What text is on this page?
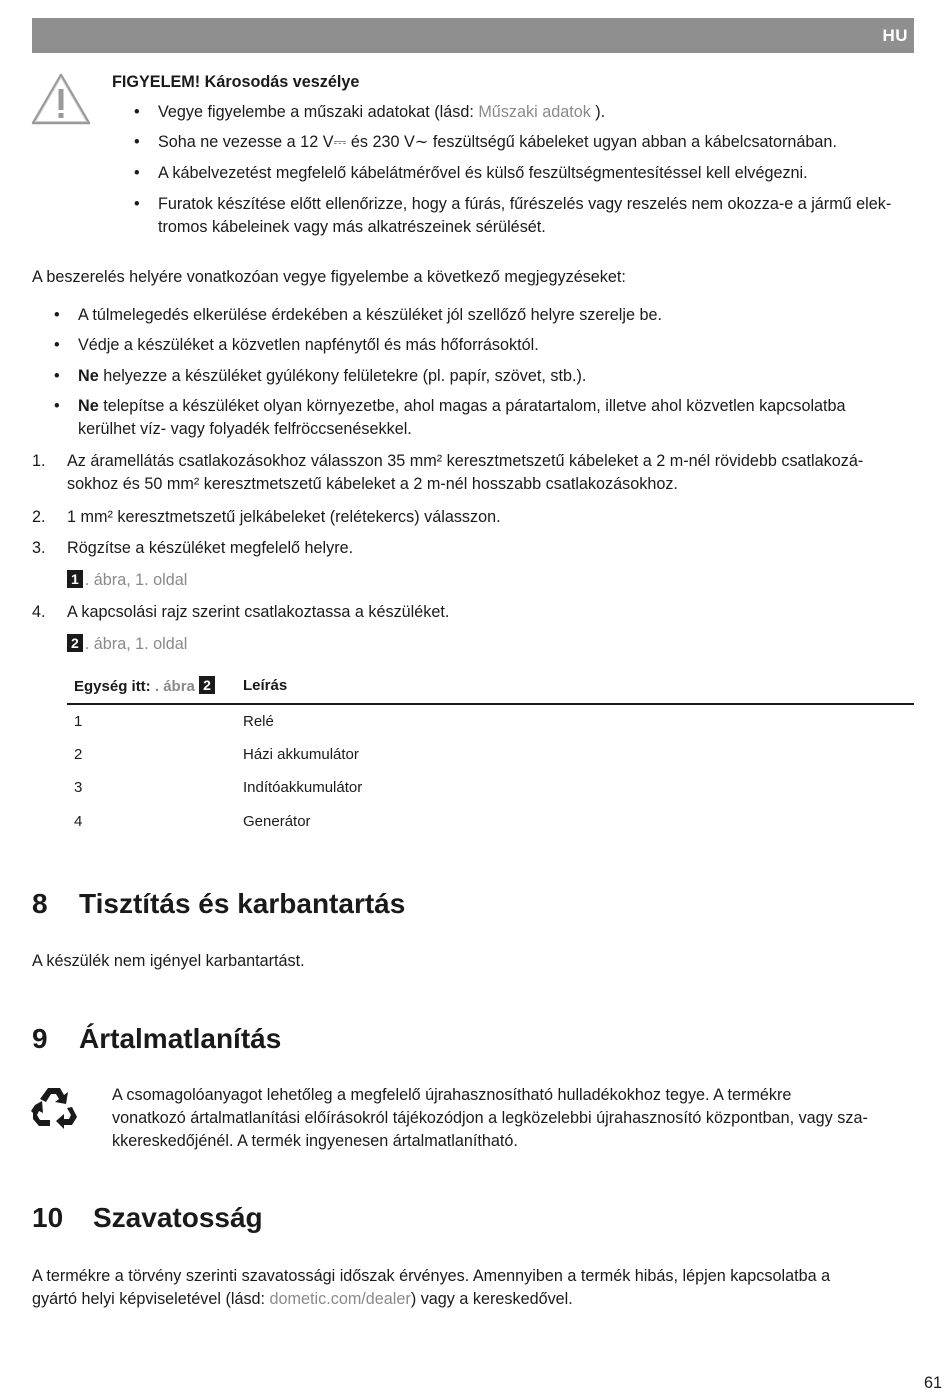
HU
FIGYELEM! Károsodás veszélye
• Vegye figyelembe a műszaki adatokat (lásd: Műszaki adatok ).
• Soha ne vezesse a 12 V⎓ és 230 V∼ feszültségű kábeleket ugyan abban a kábelcsatornában.
• A kábelvezetést megfelelő kábelátmérővel és külső feszültségmentesítéssel kell elvégezni.
• Furatok készítése előtt ellenőrizze, hogy a fúrás, fűrészelés vagy reszelés nem okozza-e a jármű elek-
tromos kábeleinek vagy más alkatrészeinek sérülését.
A beszerelés helyére vonatkozóan vegye figyelembe a következő megjegyzéseket:
• A túlmelegedés elkerülése érdekében a készüléket jól szellőző helyre szerelje be.
• Védje a készüléket a közvetlen napfénytől és más hőforrásoktól.
• Ne helyezze a készüléket gyúlékony felületekre (pl. papír, szövet, stb.).
• Ne telepítse a készüléket olyan környezetbe, ahol magas a páratartalom, illetve ahol közvetlen kapcsolatba
kerülhet víz- vagy folyadék felfröccsenésekkel.
1. Az áramellátás csatlakozásokhoz válasszon 35 mm² keresztmetszetű kábeleket a 2 m-nél rövidebb csatlakozá-
sokhoz és 50 mm² keresztmetszetű kábeleket a 2 m-nél hosszabb csatlakozásokhoz.
2. 1 mm² keresztmetszetű jelkábeleket (relétekercs) válasszon.
3. Rögzítse a készüléket megfelelő helyre.
1 . ábra, 1. oldal
4. A kapcsolási rajz szerint csatlakoztassa a készüléket.
2 . ábra, 1. oldal
Egység itt: . ábra 2	Leírás
1	Relé
2	Házi akkumulátor
3	Indítóakkumulátor
4	Generátor
8 Tisztítás és karbantartás
A készülék nem igényel karbantartást.
9 Ártalmatlanítás
A csomagolóanyagot lehetőleg a megfelelő újrahasznosítható hulladékokhoz tegye. A termékre
vonatkozó ártalmatlanítási előírásokról tájékozódjon a legközelebbi újrahasznosító központban, vagy sza-
kkereskedőjénél. A termék ingyenesen ártalmatlanítható.
10 Szavatosság
A termékre a törvény szerinti szavatossági időszak érvényes. Amennyiben a termék hibás, lépjen kapcsolatba a
gyártó helyi képviseletével (lásd: dometic.com/dealer) vagy a kereskedővel.
61
